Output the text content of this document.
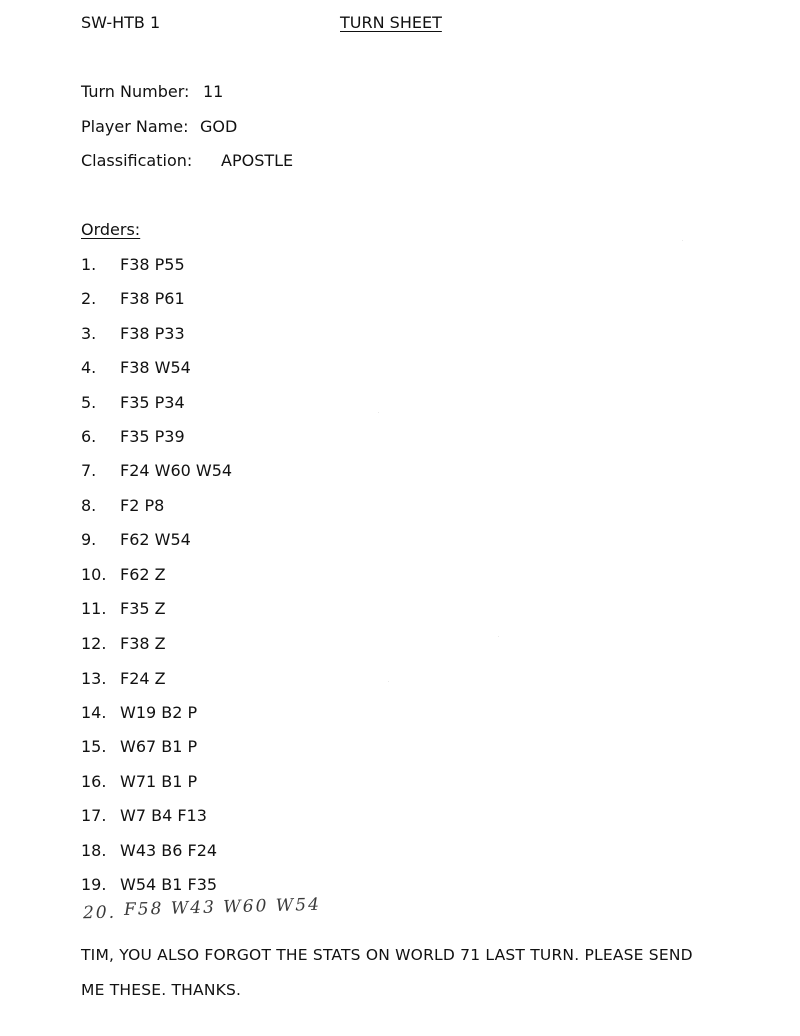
SW-HTB 1	TURN SHEET
Turn Number: 11
Player Name: GOD
Classification: APOSTLE
Orders:
1. F38 P55
2. F38 P61
3. F38 P33
4. F38 W54
5. F35 P34
6. F35 P39
7. F24 W60 W54
8. F2 P8
9. F62 W54
10. F62 Z
11. F35 Z
12. F38 Z
13. F24 Z
14. W19 B2 P
15. W67 B1 P
16. W71 B1 P
17. W7 B4 F13
18. W43 B6 F24
19. W54 B1 F35
20. F58 W43 W60 W54
TIM, YOU ALSO FORGOT THE STATS ON WORLD 71 LAST TURN. PLEASE SEND
ME THESE. THANKS.
